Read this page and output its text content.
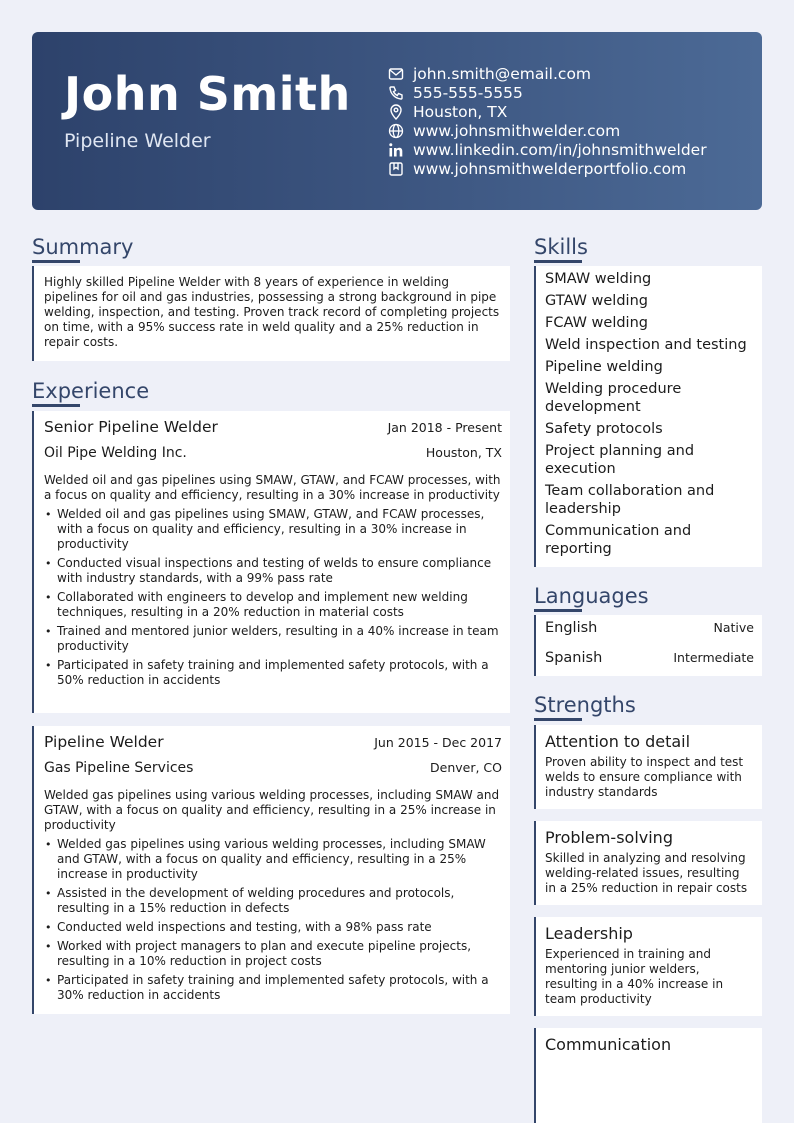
John Smith
Pipeline Welder
john.smith@email.com
555-555-5555
Houston, TX
www.johnsmithwelder.com
www.linkedin.com/in/johnsmithwelder
www.johnsmithwelderportfolio.com
Summary

Highly skilled Pipeline Welder with 8 years of experience in welding pipelines for oil and gas industries, possessing a strong background in pipe welding, inspection, and testing. Proven track record of completing projects on time, with a 95% success rate in weld quality and a 25% reduction in repair costs.

Experience
Senior Pipeline Welder	Jan 2018 - Present
Oil Pipe Welding Inc.	Houston, TX

Welded oil and gas pipelines using SMAW, GTAW, and FCAW processes, with a focus on quality and efficiency, resulting in a 30% increase in productivity

• Welded oil and gas pipelines using SMAW, GTAW, and FCAW processes, with a focus on quality and efficiency, resulting in a 30% increase in productivity
• Conducted visual inspections and testing of welds to ensure compliance with industry standards, with a 99% pass rate
• Collaborated with engineers to develop and implement new welding techniques, resulting in a 20% reduction in material costs
• Trained and mentored junior welders, resulting in a 40% increase in team productivity
• Participated in safety training and implemented safety protocols, with a 50% reduction in accidents
Pipeline Welder	Jun 2015 - Dec 2017
Gas Pipeline Services	Denver, CO

Welded gas pipelines using various welding processes, including SMAW and GTAW, with a focus on quality and efficiency, resulting in a 25% increase in productivity

• Welded gas pipelines using various welding processes, including SMAW and GTAW, with a focus on quality and efficiency, resulting in a 25% increase in productivity
• Assisted in the development of welding procedures and protocols, resulting in a 15% reduction in defects
• Conducted weld inspections and testing, with a 98% pass rate
• Worked with project managers to plan and execute pipeline projects, resulting in a 10% reduction in project costs
• Participated in safety training and implemented safety protocols, with a 30% reduction in accidents
Skills
SMAW welding
GTAW welding
FCAW welding
Weld inspection and testing
Pipeline welding
Welding procedure development
Safety protocols
Project planning and execution
Team collaboration and leadership
Communication and reporting
Languages
English	Native
Spanish	Intermediate
Strengths
Attention to detail

Proven ability to inspect and test welds to ensure compliance with industry standards

Problem-solving

Skilled in analyzing and resolving welding-related issues, resulting in a 25% reduction in repair costs

Leadership

Experienced in training and mentoring junior welders, resulting in a 40% increase in team productivity

Communication
